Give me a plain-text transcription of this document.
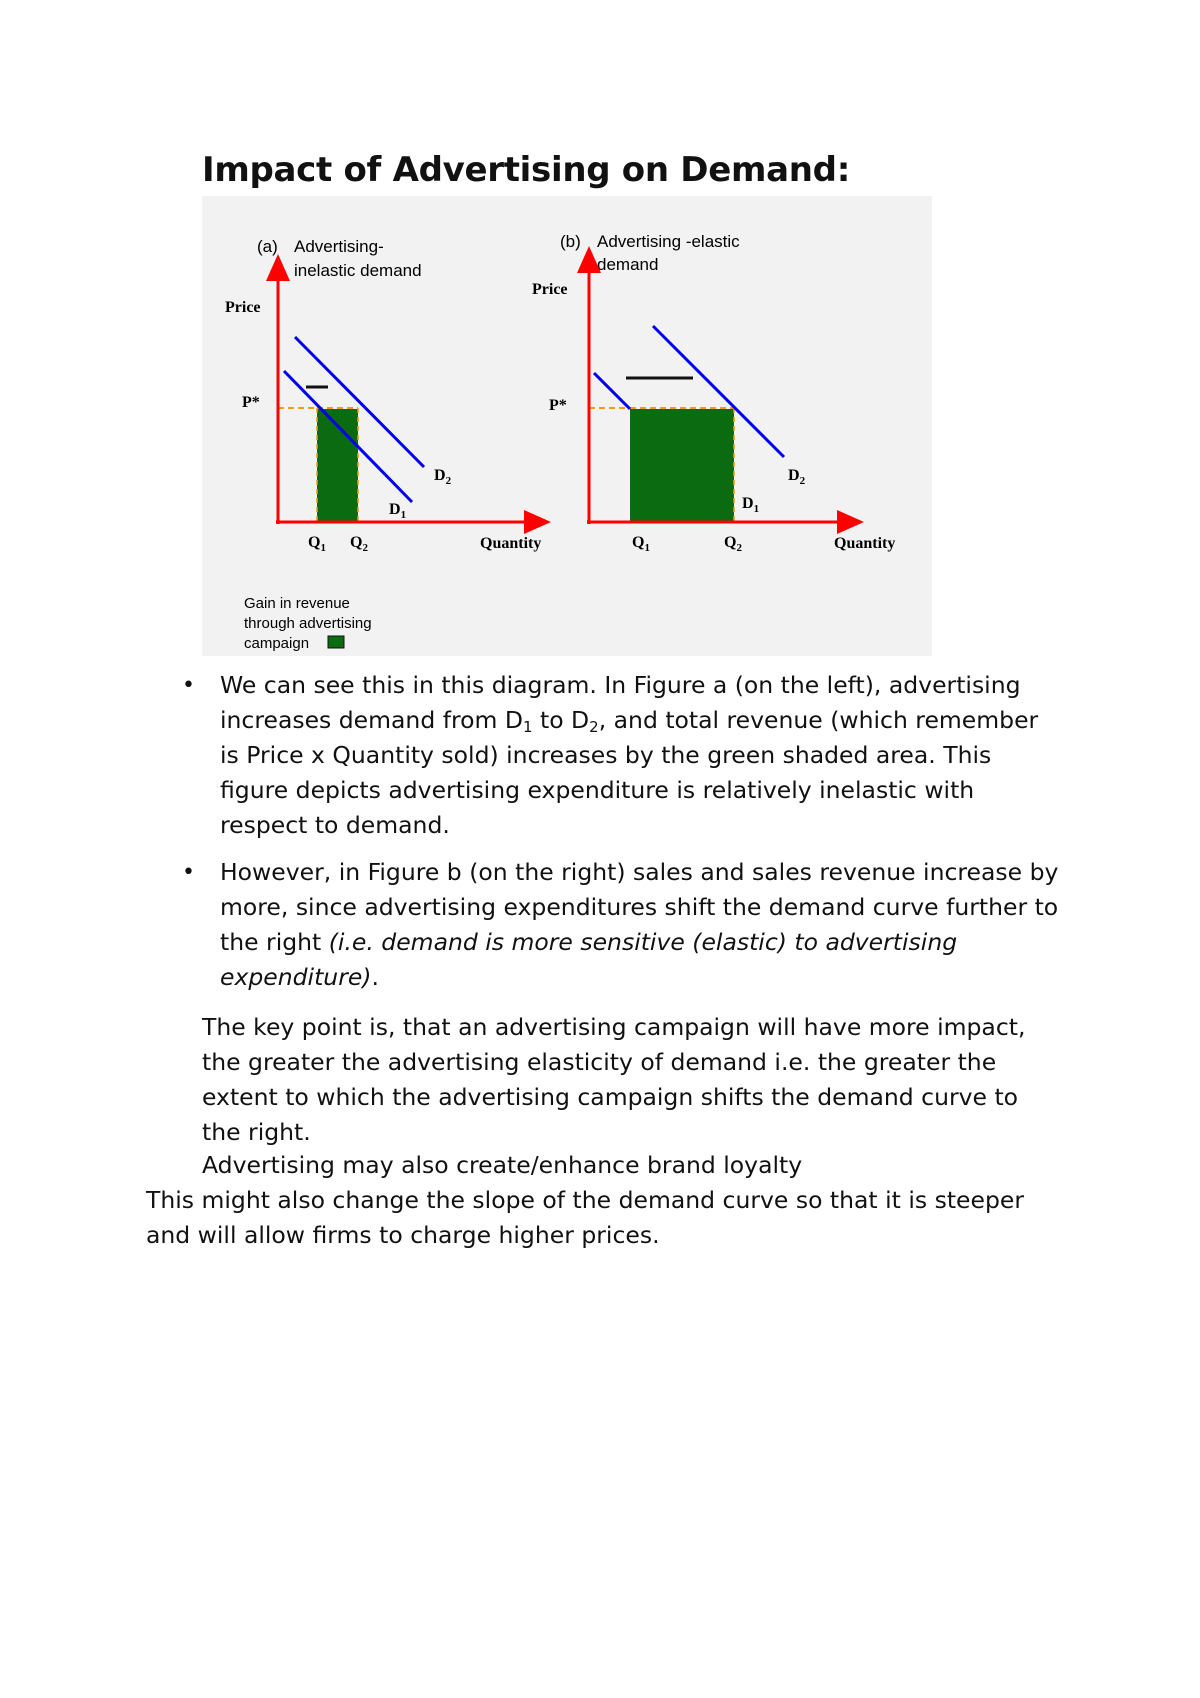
Impact of Advertising on Demand:
(a) Advertising-
inelastic demand
Price
P*
$D_2$
$D_1$
$Q_1$ $Q_2$	Quantity
(b) Advertising -elastic
demand
Price
P*
$D_2$
$D_1$
$Q_1$	$Q_2$	Quantity
Gain in revenue
through advertising
campaign
• We can see this in this diagram. In Figure a (on the left), advertising increases demand from $D_1$ to $D_2$, and total revenue (which remember is Price x Quantity sold) increases by the green shaded area. This figure depicts advertising expenditure is relatively inelastic with respect to demand.
• However, in Figure b (on the right) sales and sales revenue increase by more, since advertising expenditures shift the demand curve further to the right (i.e. demand is more sensitive (elastic) to advertising expenditure).

The key point is, that an advertising campaign will have more impact, the greater the advertising elasticity of demand i.e. the greater the extent to which the advertising campaign shifts the demand curve to the right.

Advertising may also create/enhance brand loyalty

This might also change the slope of the demand curve so that it is steeper and will allow firms to charge higher prices.
